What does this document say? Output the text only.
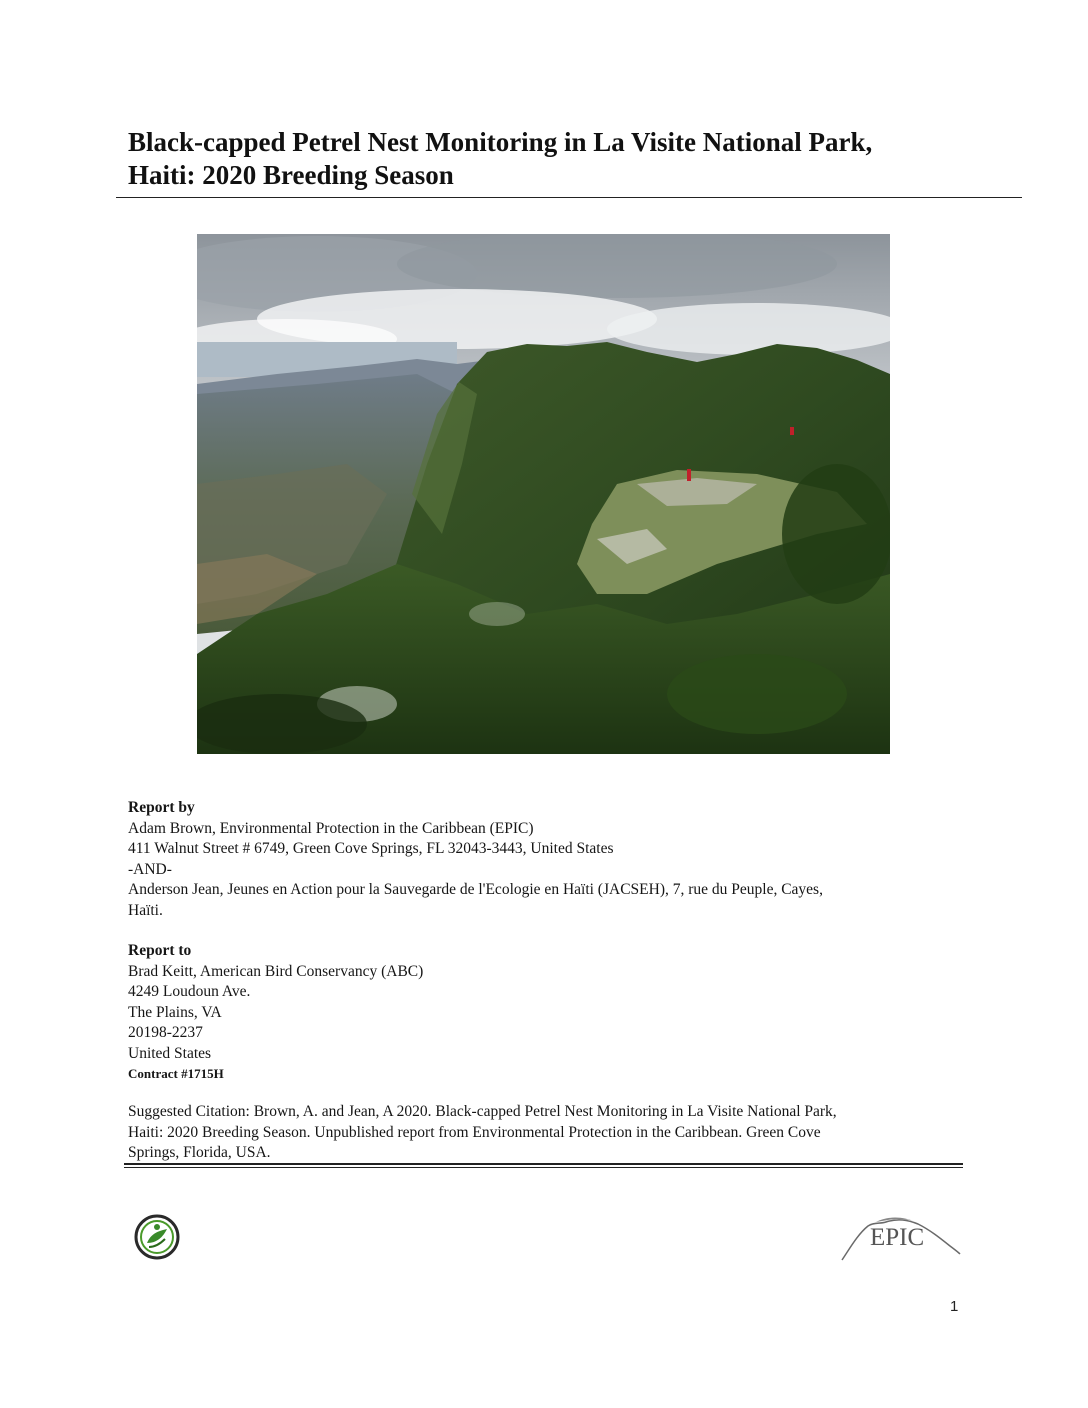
Black-capped Petrel Nest Monitoring in La Visite National Park,
Haiti: 2020 Breeding Season
Report by
Adam Brown, Environmental Protection in the Caribbean (EPIC)
411 Walnut Street # 6749, Green Cove Springs, FL 32043-3443, United States
-AND-
Anderson Jean, Jeunes en Action pour la Sauvegarde de l'Ecologie en Haïti (JACSEH), 7, rue du Peuple, Cayes,
Haïti.
Report to
Brad Keitt, American Bird Conservancy (ABC)
4249 Loudoun Ave.
The Plains, VA
20198-2237
United States
Contract #1715H
Suggested Citation: Brown, A. and Jean, A 2020. Black-capped Petrel Nest Monitoring in La Visite National Park,
Haiti: 2020 Breeding Season. Unpublished report from Environmental Protection in the Caribbean. Green Cove
Springs, Florida, USA.
EPIC
1
